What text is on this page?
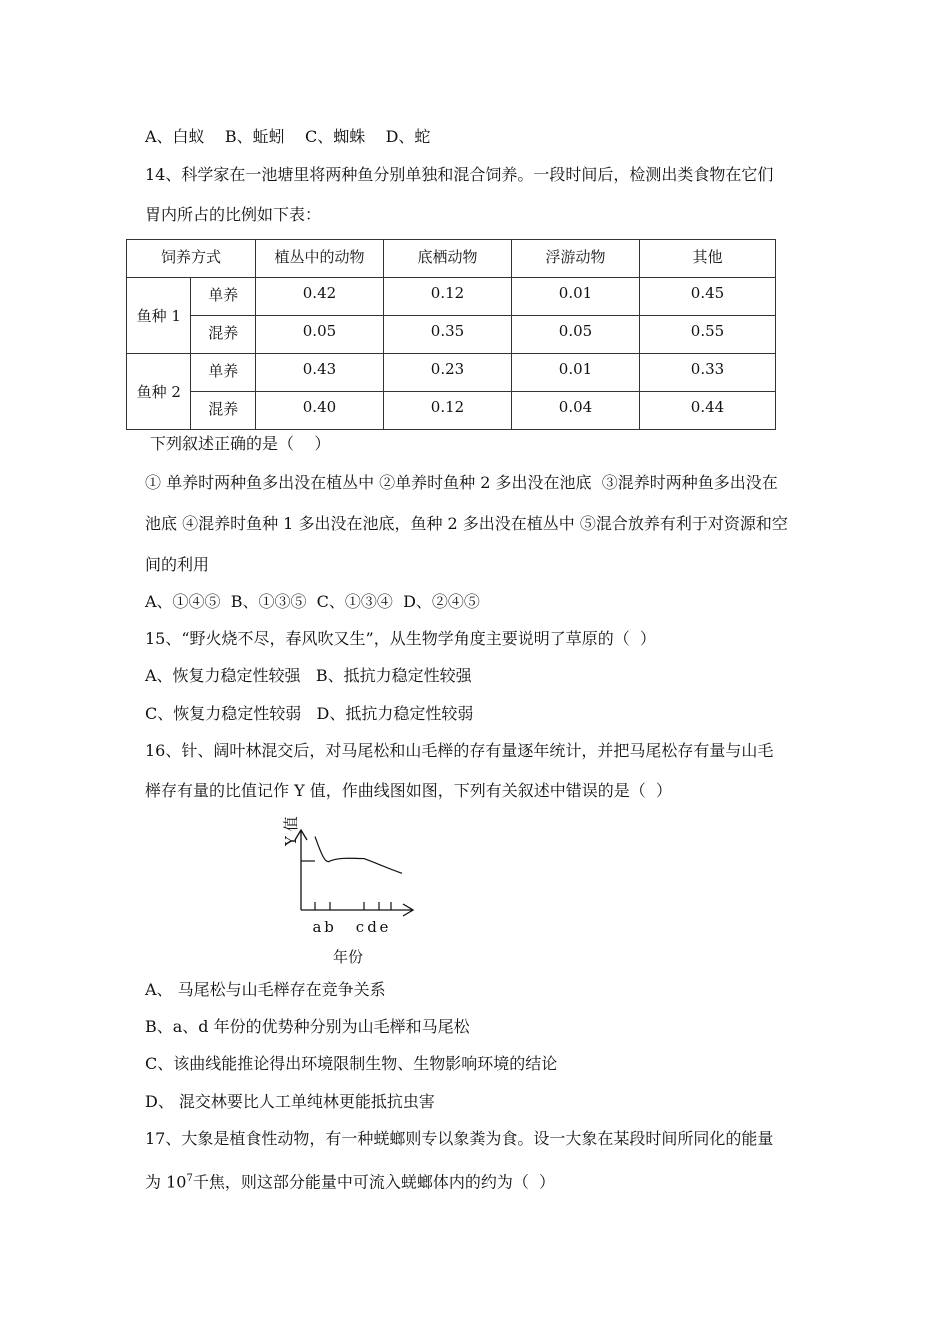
A、白蚁    B、蚯蚓    C、蜘蛛    D、蛇
14、科学家在一池塘里将两种鱼分别单独和混合饲养。一段时间后，检测出类食物在它们
胃内所占的比例如下表：
饲养方式		植丛中的动物	底栖动物	浮游动物	其他
鱼种 1	单养	0.42	0.12	0.01	0.45
	混养	0.05	0.35	0.05	0.55
鱼种 2	单养	0.43	0.23	0.01	0.33
	混养	0.40	0.12	0.04	0.44
下列叙述正确的是（    ）
① 单养时两种鱼多出没在植丛中 ②单养时鱼种 2 多出没在池底  ③混养时两种鱼多出没在
池底 ④混养时鱼种 1 多出没在池底，鱼种 2 多出没在植丛中 ⑤混合放养有利于对资源和空
间的利用
A、①④⑤  B、①③⑤  C、①③④  D、②④⑤
15、“野火烧不尽，春风吹又生”，从生物学角度主要说明了草原的（  ）
A、恢复力稳定性较强   B、抵抗力稳定性较强
C、恢复力稳定性较弱   D、抵抗力稳定性较弱
16、针、阔叶林混交后，对马尾松和山毛榉的存有量逐年统计，并把马尾松存有量与山毛
榉存有量的比值记作 Y 值，作曲线图如图，下列有关叙述中错误的是（  ）
Y 值
a b c d e
年份
A、 马尾松与山毛榉存在竞争关系
B、a、d 年份的优势种分别为山毛榉和马尾松
C、该曲线能推论得出环境限制生物、生物影响环境的结论
D、 混交林要比人工单纯林更能抵抗虫害
17、大象是植食性动物，有一种蜣螂则专以象粪为食。设一大象在某段时间所同化的能量
为 $10^7$千焦，则这部分能量中可流入蜣螂体内的约为（  ）
